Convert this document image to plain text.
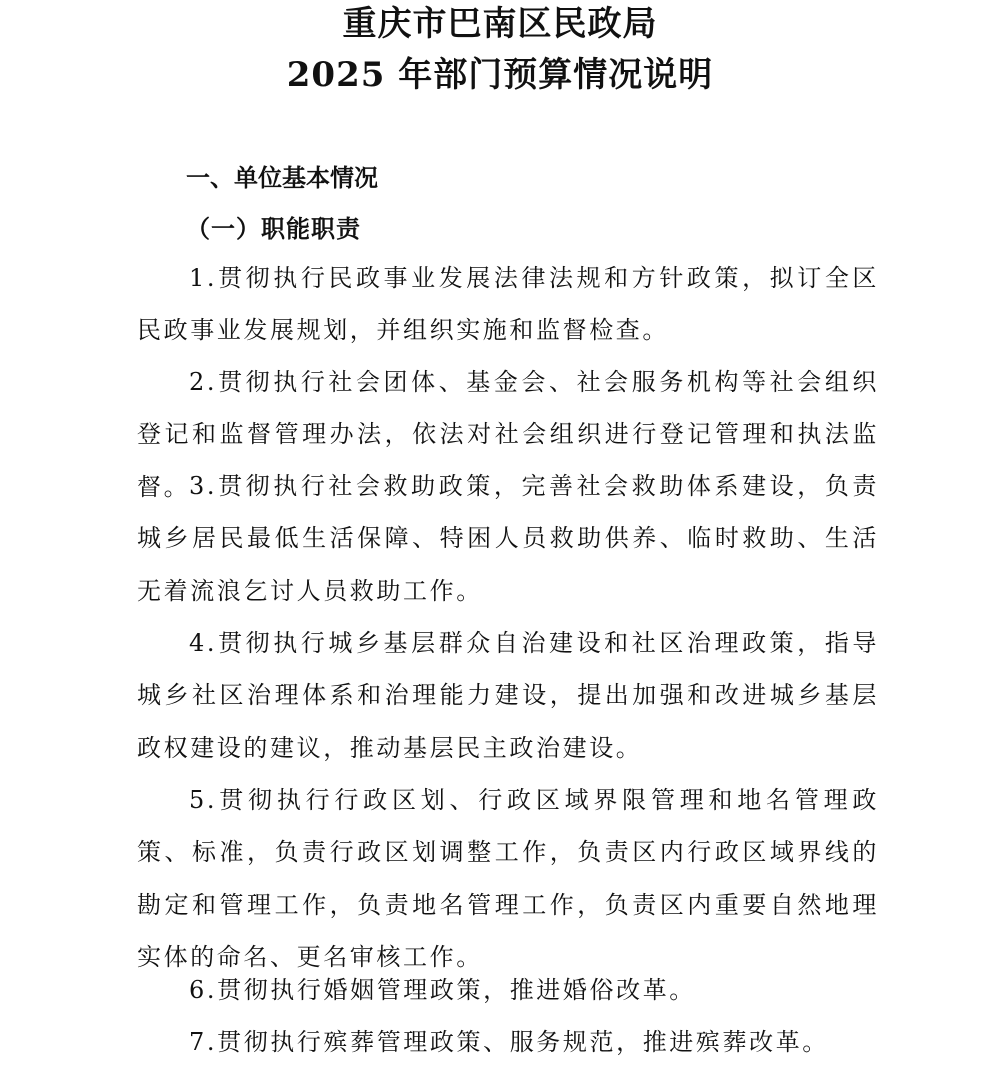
重庆市巴南区民政局
2025 年部门预算情况说明
一、单位基本情况
（一）职能职责

1.贯彻执行民政事业发展法律法规和方针政策，拟订全区民政事业发展规划，并组织实施和监督检查。

2.贯彻执行社会团体、基金会、社会服务机构等社会组织登记和监督管理办法，依法对社会组织进行登记管理和执法监督。

3.贯彻执行社会救助政策，完善社会救助体系建设，负责城乡居民最低生活保障、特困人员救助供养、临时救助、生活无着流浪乞讨人员救助工作。

4.贯彻执行城乡基层群众自治建设和社区治理政策，指导城乡社区治理体系和治理能力建设，提出加强和改进城乡基层政权建设的建议，推动基层民主政治建设。

5.贯彻执行行政区划、行政区域界限管理和地名管理政策、标准，负责行政区划调整工作，负责区内行政区域界线的勘定和管理工作，负责地名管理工作，负责区内重要自然地理实体的命名、更名审核工作。

6.贯彻执行婚姻管理政策，推进婚俗改革。

7.贯彻执行殡葬管理政策、服务规范，推进殡葬改革。
